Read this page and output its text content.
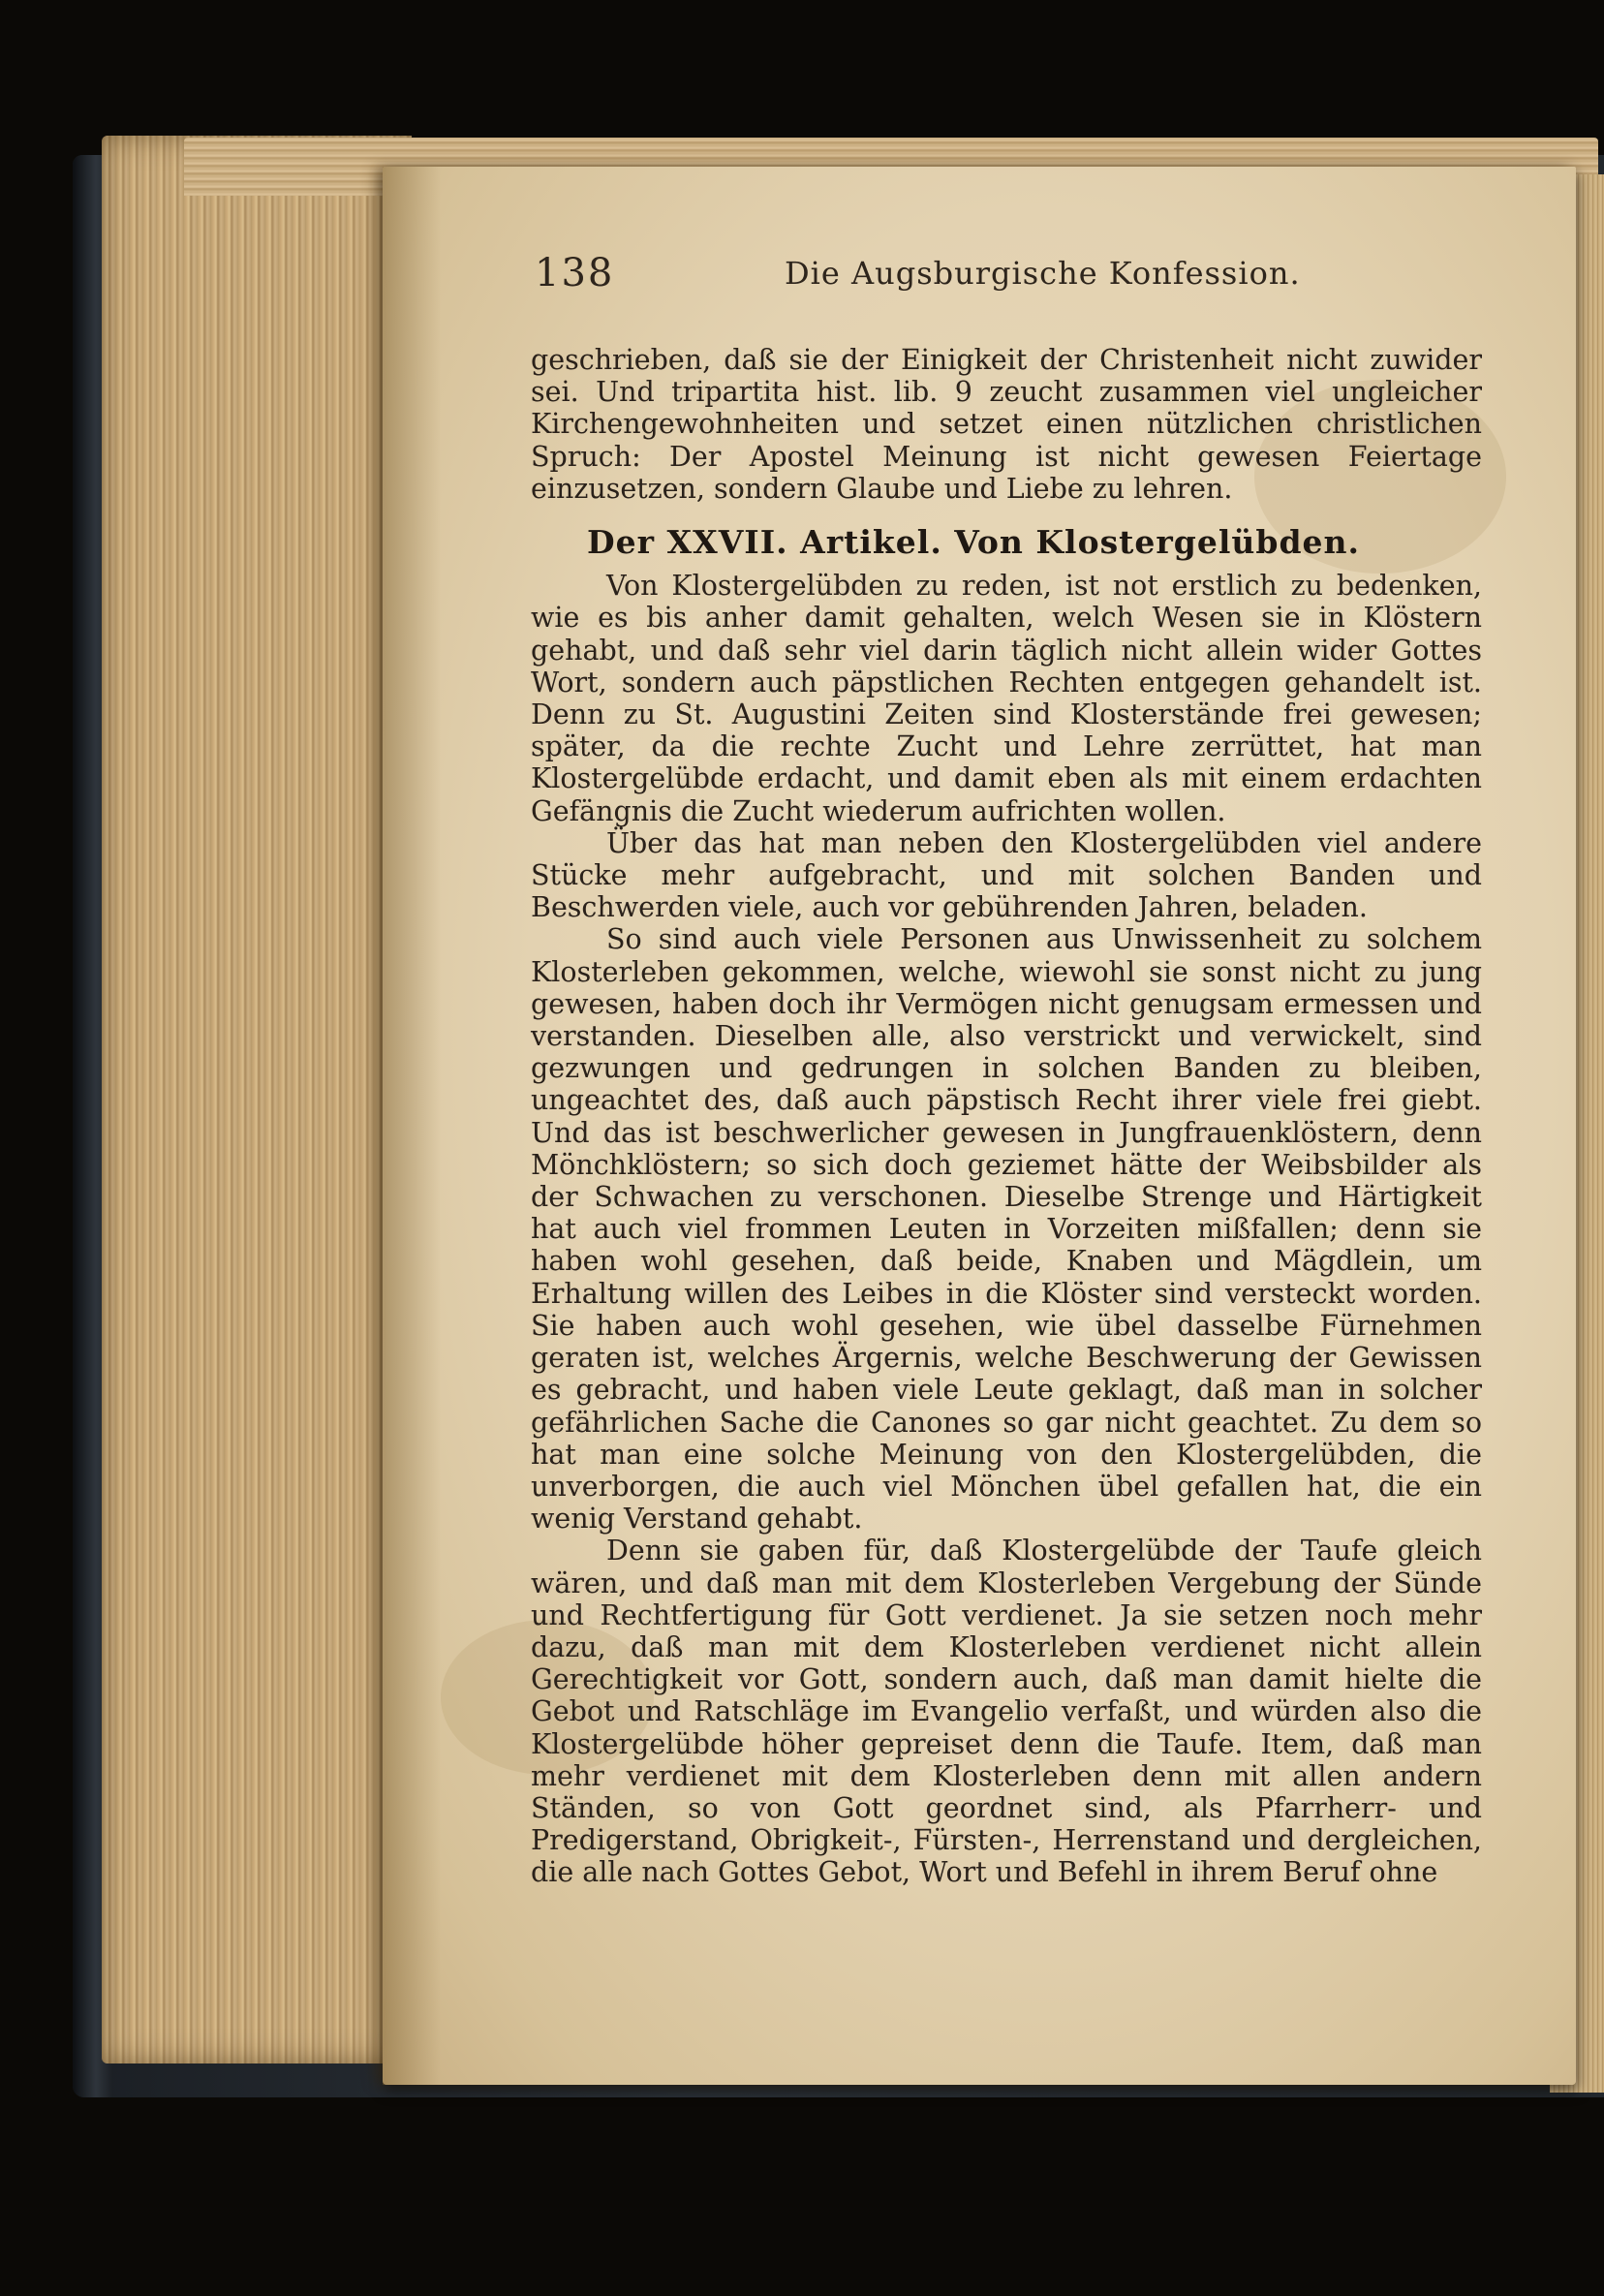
138	Die Augsburgische Konfession.

geschrieben, daß sie der Einigkeit der Christenheit nicht zuwider sei. Und tripartita hist. lib. 9 zeucht zusammen viel ungleicher Kirchengewohnheiten und setzet einen nützlichen christlichen Spruch: Der Apostel Meinung ist nicht gewesen Feiertage einzusetzen, sondern Glaube und Liebe zu lehren.

Der XXVII. Artikel. Von Klostergelübden.

Von Klostergelübden zu reden, ist not erstlich zu bedenken, wie es bis anher damit gehalten, welch Wesen sie in Klöstern gehabt, und daß sehr viel darin täglich nicht allein wider Gottes Wort, sondern auch päpstlichen Rechten entgegen gehandelt ist. Denn zu St. Augustini Zeiten sind Klosterstände frei gewesen; später, da die rechte Zucht und Lehre zerrüttet, hat man Klostergelübde erdacht, und damit eben als mit einem erdachten Gefängnis die Zucht wiederum aufrichten wollen.

Über das hat man neben den Klostergelübden viel andere Stücke mehr aufgebracht, und mit solchen Banden und Beschwerden viele, auch vor gebührenden Jahren, beladen.

So sind auch viele Personen aus Unwissenheit zu solchem Klosterleben gekommen, welche, wiewohl sie sonst nicht zu jung gewesen, haben doch ihr Vermögen nicht genugsam ermessen und verstanden. Dieselben alle, also verstrickt und verwickelt, sind gezwungen und gedrungen in solchen Banden zu bleiben, ungeachtet des, daß auch päpstisch Recht ihrer viele frei giebt. Und das ist beschwerlicher gewesen in Jungfrauenklöstern, denn Mönchklöstern; so sich doch geziemet hätte der Weibsbilder als der Schwachen zu verschonen. Dieselbe Strenge und Härtigkeit hat auch viel frommen Leuten in Vorzeiten mißfallen; denn sie haben wohl gesehen, daß beide, Knaben und Mägdlein, um Erhaltung willen des Leibes in die Klöster sind versteckt worden. Sie haben auch wohl gesehen, wie übel dasselbe Fürnehmen geraten ist, welches Ärgernis, welche Beschwerung der Gewissen es gebracht, und haben viele Leute geklagt, daß man in solcher gefährlichen Sache die Canones so gar nicht geachtet. Zu dem so hat man eine solche Meinung von den Klostergelübden, die unverborgen, die auch viel Mönchen übel gefallen hat, die ein wenig Verstand gehabt.

Denn sie gaben für, daß Klostergelübde der Taufe gleich wären, und daß man mit dem Klosterleben Vergebung der Sünde und Rechtfertigung für Gott verdienet. Ja sie setzen noch mehr dazu, daß man mit dem Klosterleben verdienet nicht allein Gerechtigkeit vor Gott, sondern auch, daß man damit hielte die Gebot und Ratschläge im Evangelio verfaßt, und würden also die Klostergelübde höher gepreiset denn die Taufe. Item, daß man mehr verdienet mit dem Klosterleben denn mit allen andern Ständen, so von Gott geordnet sind, als Pfarrherr- und Predigerstand, Obrigkeit-, Fürsten-, Herrenstand und dergleichen, die alle nach Gottes Gebot, Wort und Befehl in ihrem Beruf ohne
